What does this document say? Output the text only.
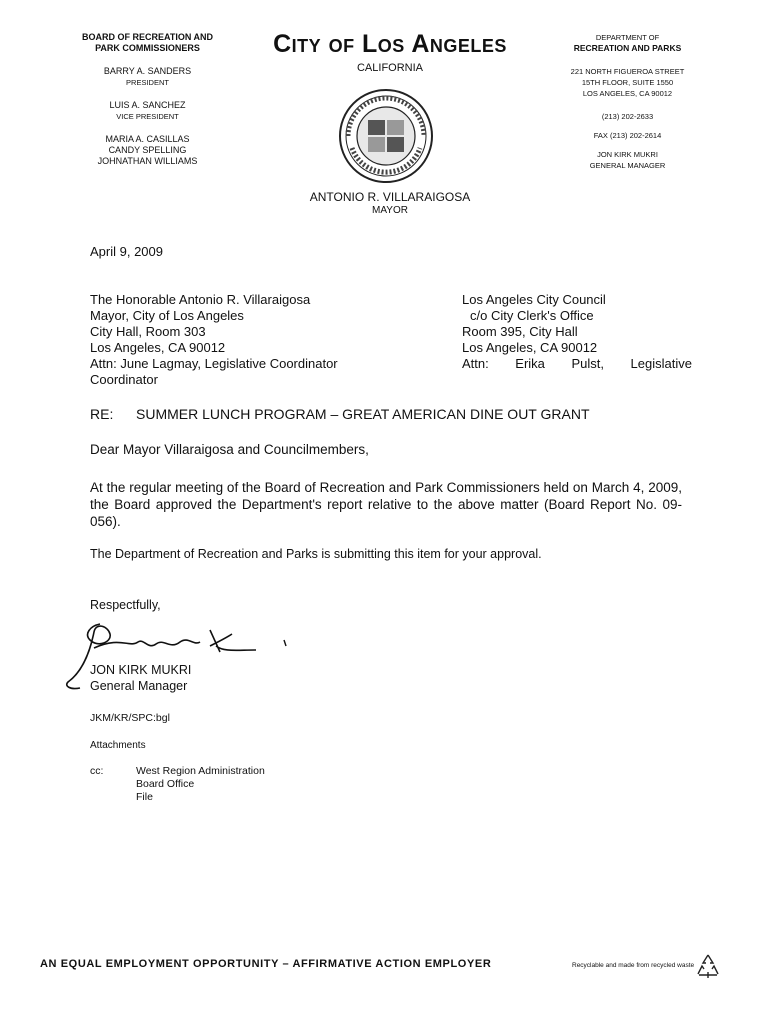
BOARD OF RECREATION AND
PARK COMMISSIONERS
BARRY A. SANDERS
PRESIDENT
LUIS A. SANCHEZ
VICE PRESIDENT
MARIA A. CASILLAS
CANDY SPELLING
JOHNATHAN WILLIAMS
City of Los Angeles
CALIFORNIA
ANTONIO R. VILLARAIGOSA
MAYOR
DEPARTMENT OF
RECREATION AND PARKS
221 NORTH FIGUEROA STREET
15TH FLOOR, SUITE 1550
LOS ANGELES, CA 90012
(213) 202-2633
FAX (213) 202-2614
JON KIRK MUKRI
GENERAL MANAGER
April 9, 2009
The Honorable Antonio R. Villaraigosa
Mayor, City of Los Angeles
City Hall, Room 303
Los Angeles, CA 90012
Attn: June Lagmay, Legislative Coordinator
Coordinator
Los Angeles City Council
c/o City Clerk's Office
Room 395, City Hall
Los Angeles, CA 90012
Attn: Erika Pulst, Legislative
RE: SUMMER LUNCH PROGRAM – GREAT AMERICAN DINE OUT GRANT
Dear Mayor Villaraigosa and Councilmembers,
At the regular meeting of the Board of Recreation and Park Commissioners held on March 4, 2009, the Board approved the Department's report relative to the above matter (Board Report No. 09-056).
The Department of Recreation and Parks is submitting this item for your approval.
Respectfully,
JON KIRK MUKRI
General Manager
JKM/KR/SPC:bgl
Attachments
cc:	West Region Administration
Board Office
File
AN EQUAL EMPLOYMENT OPPORTUNITY – AFFIRMATIVE ACTION EMPLOYER	Recyclable and made from recycled waste
